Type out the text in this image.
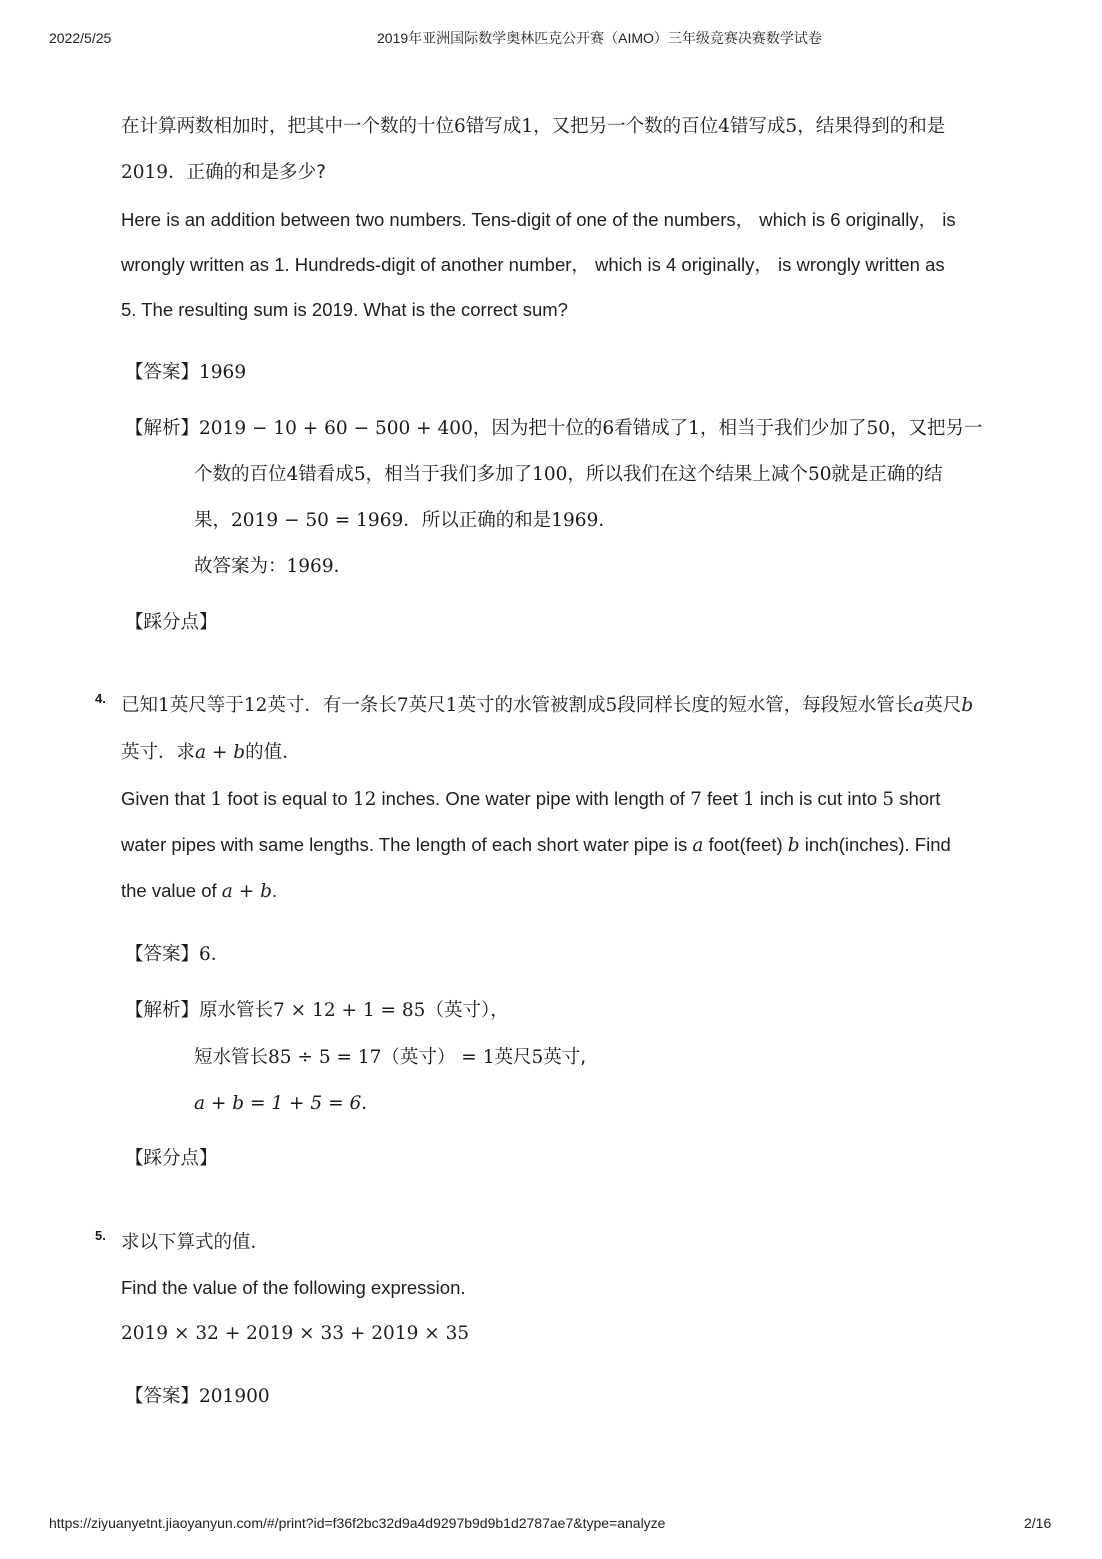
2022/5/25	2019年亚洲国际数学奥林匹克公开赛（AIMO）三年级竞赛决赛数学试卷
在计算两数相加时，把其中一个数的十位6错写成1，又把另一个数的百位4错写成5，结果得到的和是
2019．正确的和是多少?
Here is an addition between two numbers. Tens-digit of one of the numbers， which is 6 originally， is
wrongly written as 1. Hundreds-digit of another number， which is 4 originally， is wrongly written as
5. The resulting sum is 2019. What is the correct sum?
【答案】1969
【解析】2019 − 10 + 60 − 500 + 400，因为把十位的6看错成了1，相当于我们少加了50，又把另一
个数的百位4错看成5，相当于我们多加了100，所以我们在这个结果上减个50就是正确的结
果，2019 − 50 = 1969．所以正确的和是1969.
故答案为：1969．
【踩分点】
4. 已知1英尺等于12英寸．有一条长7英尺1英寸的水管被割成5段同样长度的短水管，每段短水管长a英尺b
英寸．求a + b的值．
Given that 1 foot is equal to 12 inches. One water pipe with length of 7 feet 1 inch is cut into 5 short
water pipes with same lengths. The length of each short water pipe is a foot(feet) b inch(inches). Find
the value of a + b.
【答案】6．
【解析】原水管长7 × 12 + 1 = 85（英寸），
短水管长85 ÷ 5 = 17（英寸） = 1英尺5英寸,
a + b = 1 + 5 = 6．
【踩分点】
5. 求以下算式的值．
Find the value of the following expression.
2019 × 32 + 2019 × 33 + 2019 × 35
【答案】201900
https://ziyuanyetnt.jiaoyanyun.com/#/print?id=f36f2bc32d9a4d9297b9d9b1d2787ae7&type=analyze	2/16
